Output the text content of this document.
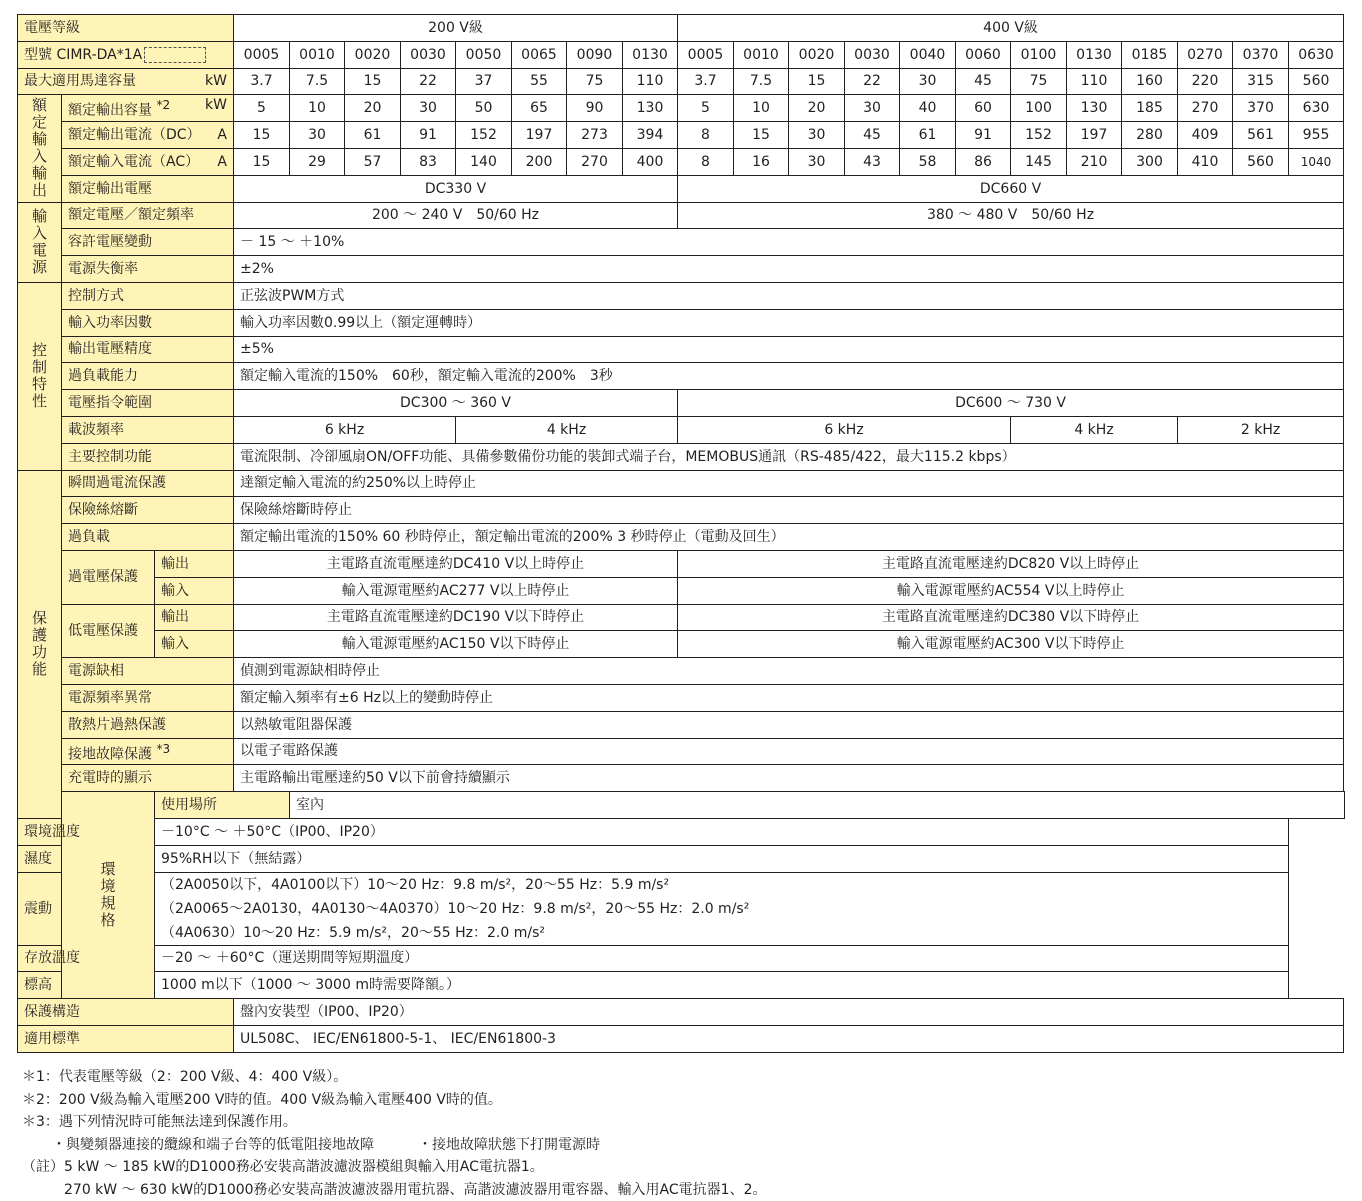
電壓等級			200 V級								400 V級											
型號 CIMR-DA*1A			0005	0010	0020	0030	0050	0065	0090	0130	0005	0010	0020	0030	0040	0060	0100	0130	0185	0270	0370	0630

最大適用馬達容量 kW			3.7	7.5	15	22	37	55	75	110	3.7	7.5	15	22	30	45	75	110	160	220	315	560

額定輸入輸出	額定輸出容量 $^{*2}$ kW		5	10	20	30	50	65	90	130	5	10	20	30	40	60	100	130	185	270	370	630

	額定輸出電流（DC） A		15	30	61	91	152	197	273	394	8	15	30	45	61	91	152	197	280	409	561	955

	額定輸入電流（AC） A		15	29	57	83	140	200	270	400	8	16	30	43	58	86	145	210	300	410	560	1040
	額定輸出電壓		DC330 V								DC660 V											

輸入電源	額定電壓／額定頻率		200 ～ 240 V　50/60 Hz								380 ～ 480 V　50/60 Hz											
	容許電壓變動		－ 15 ～ ＋10%																			
	電源失衡率		±2%																			

控制特性	控制方式		正弦波PWM方式																			
	輸入功率因數		輸入功率因數0.99以上（額定運轉時）																			
	輸出電壓精度		±5%																			
	過負載能力		額定輸入電流的150%　60秒，額定輸入電流的200%　3秒																			
	電壓指令範圍		DC300 ～ 360 V								DC600 ～ 730 V											
	載波頻率		6 kHz				4 kHz				6 kHz						4 kHz			2 kHz		
	主要控制功能		電流限制、冷卻風扇ON/OFF功能、具備參數備份功能的裝卸式端子台，MEMOBUS通訊（RS-485/422，最大115.2 kbps）																			

保護功能	瞬間過電流保護		達額定輸入電流的約250%以上時停止																			
	保險絲熔斷		保險絲熔斷時停止																			
	過負載		額定輸出電流的150% 60 秒時停止，額定輸出電流的200% 3 秒時停止（電動及回生）																			
	過電壓保護	輸出	主電路直流電壓達約DC410 V以上時停止								主電路直流電壓達約DC820 V以上時停止											
		輸入	輸入電源電壓約AC277 V以上時停止								輸入電源電壓約AC554 V以上時停止											
	低電壓保護	輸出	主電路直流電壓達約DC190 V以下時停止								主電路直流電壓達約DC380 V以下時停止											
		輸入	輸入電源電壓約AC150 V以下時停止								輸入電源電壓約AC300 V以下時停止											
	電源缺相		偵測到電源缺相時停止																			
	電源頻率異常		額定輸入頻率有±6 Hz以上的變動時停止																			
	散熱片過熱保護		以熱敏電阻器保護																			
	接地故障保護 $^{*3}$		以電子電路保護																			
	充電時的顯示		主電路輸出電壓達約50 V以下前會持續顯示																			

	環境規格	使用場所		室內																		
環境溫度		－10°C ～ ＋50°C（IP00、IP20）																				
濕度		95%RH以下（無結露）																				
震動		（2A0050以下，4A0100以下）10～20 Hz：9.8 m/s²，20～55 Hz：5.9 m/s²
（2A0065～2A0130，4A0130～4A0370）10～20 Hz：9.8 m/s²，20～55 Hz：2.0 m/s²
（4A0630）10～20 Hz：5.9 m/s²，20～55 Hz：2.0 m/s²																				

存放溫度		－20 ～ ＋60°C（運送期間等短期溫度）																				
標高		1000 m以下（1000 ～ 3000 m時需要降額。）																				
保護構造			盤內安裝型（IP00、IP20）																			
適用標準			UL508C、 IEC/EN61800-5-1、 IEC/EN61800-3																			
＊1：代表電壓等級（2：200 V級、4：400 V級）。
＊2：200 V級為輸入電壓200 V時的值。400 V級為輸入電壓400 V時的值。
＊3：遇下列情況時可能無法達到保護作用。
・與變頻器連接的纜線和端子台等的低電阻接地故障	・接地故障狀態下打開電源時
（註）5 kW ～ 185 kW的D1000務必安裝高諧波濾波器模組與輸入用AC電抗器1。
270 kW ～ 630 kW的D1000務必安裝高諧波濾波器用電抗器、高諧波濾波器用電容器、輸入用AC電抗器1、2。
